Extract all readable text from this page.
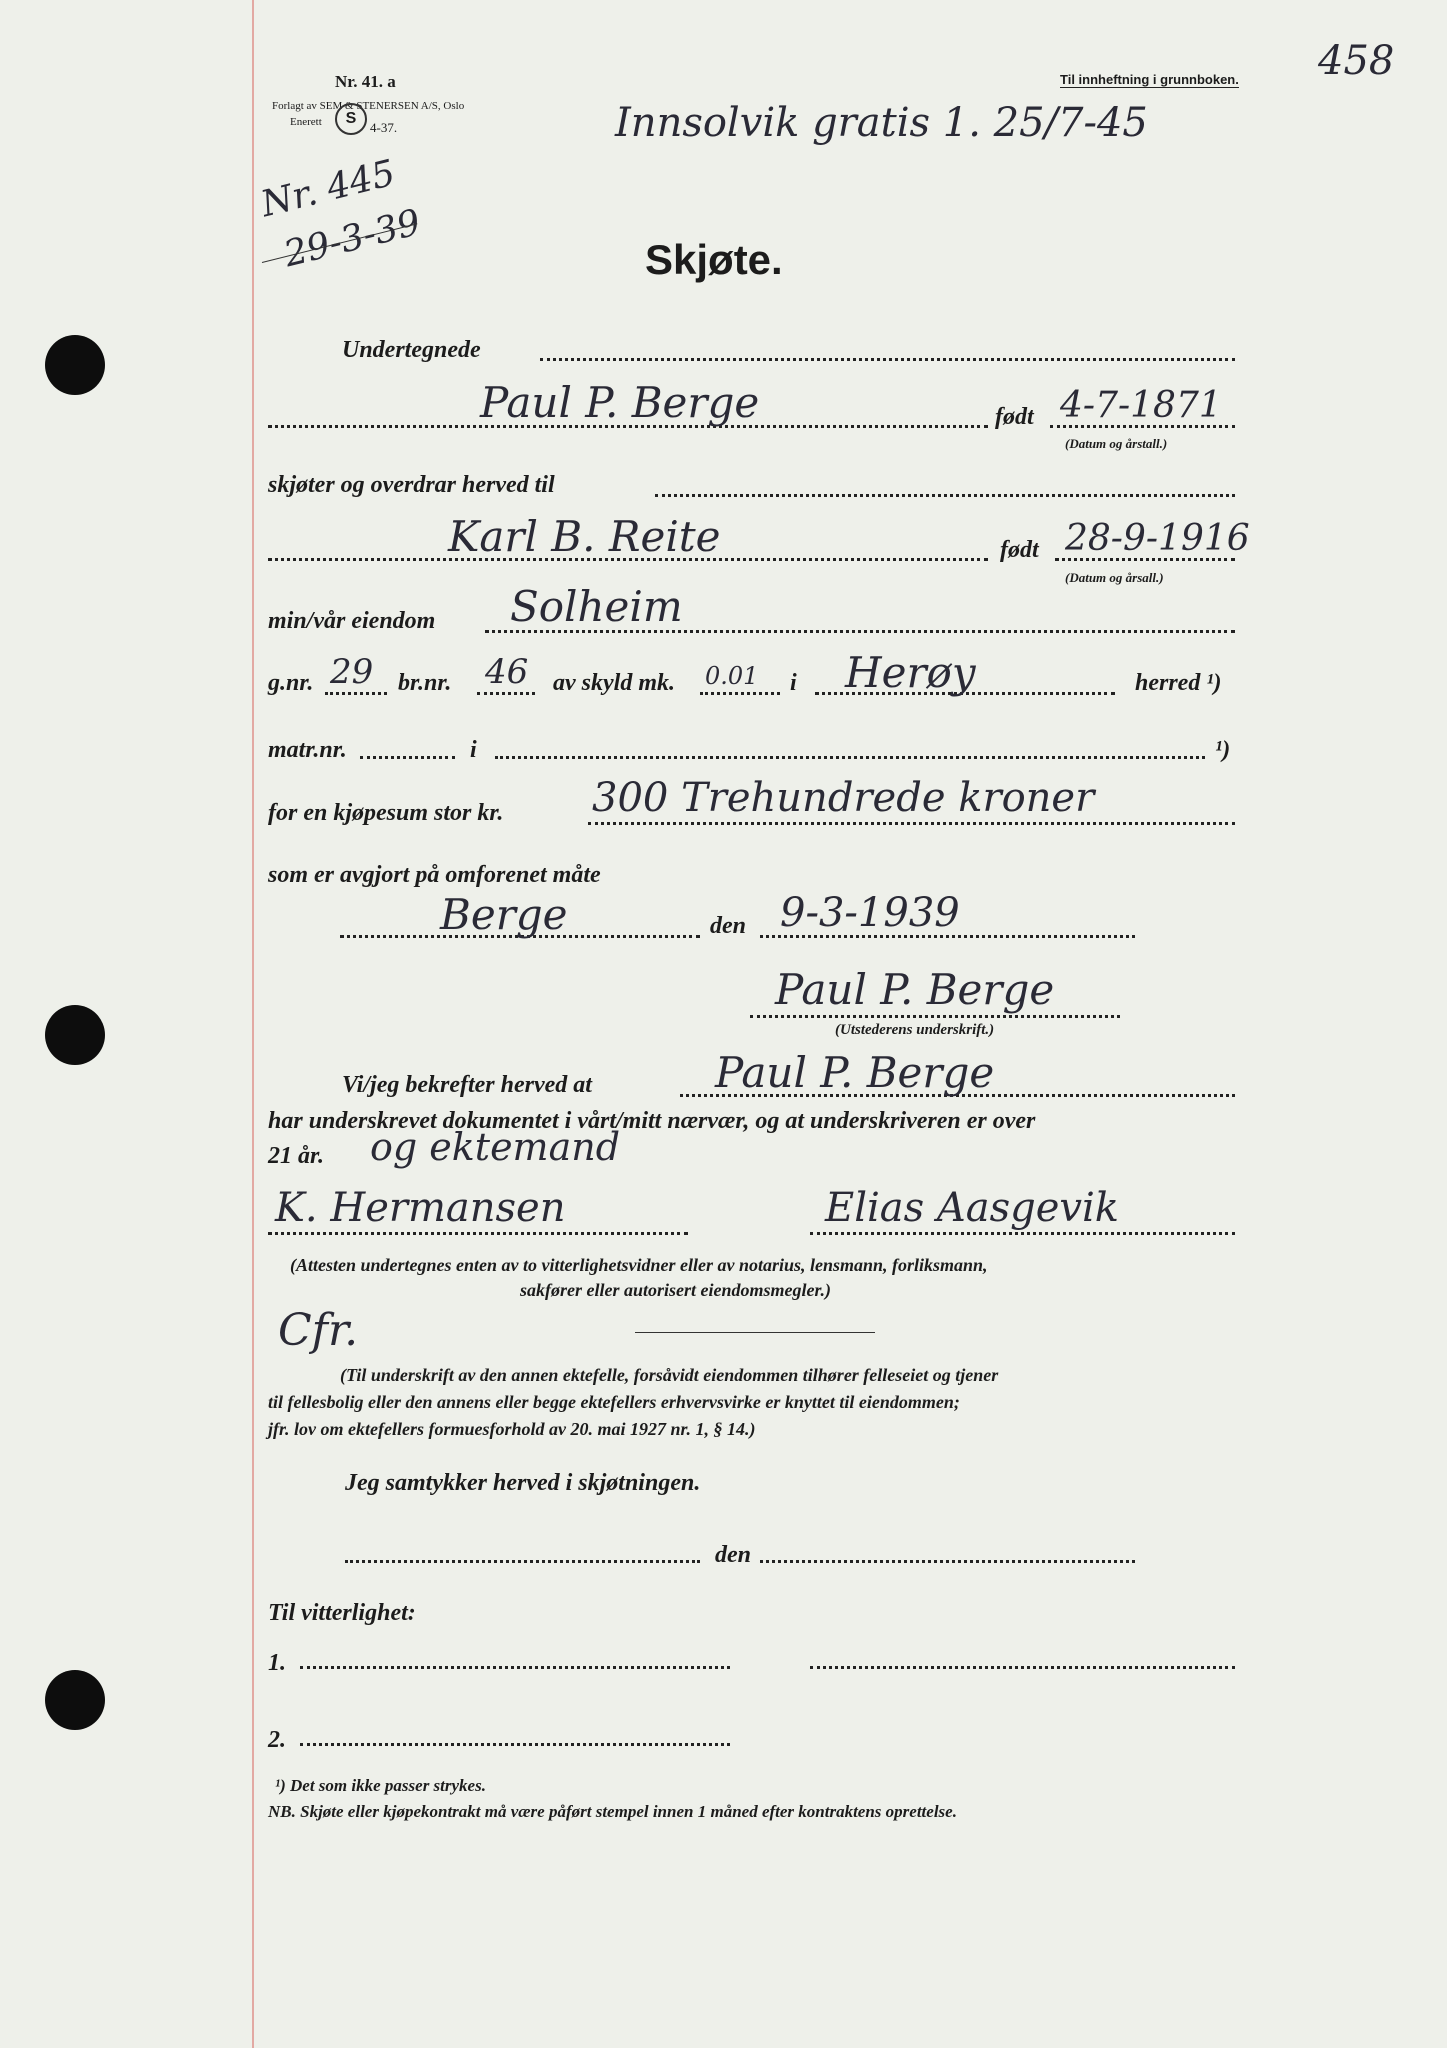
Nr. 41. a
Forlagt av SEM & STENERSEN A/S, Oslo
Enerett	S
4-37.
Til innheftning i grunnboken. 458
Innsolvik gratis 1. 25/7-45
Nr. 445
29-3-39	Skjøte.
Undertegnede
Paul P. Berge	født 4-7-1871
(Datum og årstall.)
skjøter og overdrar herved til
Karl B. Reite	født 28-9-1916
(Datum og årsall.)
min/vår eiendom Solheim
g.nr. 29 br.nr. 46 av skyld mk. 0.01 i Herøy	herred ¹)
matr.nr.	i	¹)
for en kjøpesum stor kr. 300 Trehundrede kroner
som er avgjort på omforenet måte
Berge	den 9-3-1939
Paul P. Berge
(Utstederens underskrift.)
Vi/jeg bekrefter herved at	Paul P. Berge
har underskrevet dokumentet i vårt/mitt nærvær, og at underskriveren er over
21 år. og ektemand
K. Hermansen	Elias Aasgevik
(Attesten undertegnes enten av to vitterlighetsvidner eller av notarius, lensmann, forliksmann,
sakfører eller autorisert eiendomsmegler.)
Cfr.
(Til underskrift av den annen ektefelle, forsåvidt eiendommen tilhører felleseiet og tjener
til fellesbolig eller den annens eller begge ektefellers erhvervsvirke er knyttet til eiendommen;
jfr. lov om ektefellers formuesforhold av 20. mai 1927 nr. 1, § 14.)
Jeg samtykker herved i skjøtningen.
den
Til vitterlighet:
1.
2.
¹) Det som ikke passer strykes.
NB. Skjøte eller kjøpekontrakt må være påført stempel innen 1 måned efter kontraktens oprettelse.
